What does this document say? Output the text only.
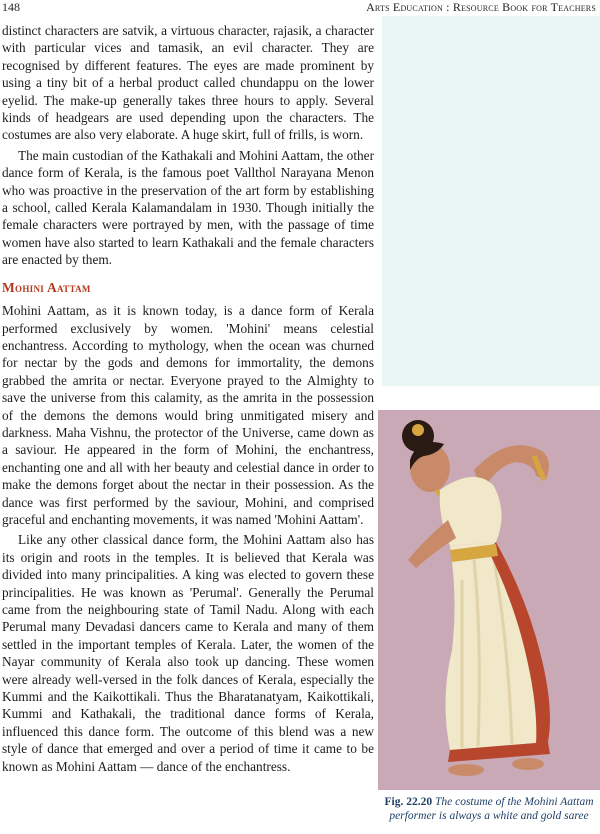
148	Arts Education : Resource Book for Teachers

distinct characters are satvik, a virtuous character, rajasik, a character with particular vices and tamasik, an evil character. They are recognised by different features. The eyes are made prominent by using a tiny bit of a herbal product called chundappu on the lower eyelid. The make-up generally takes three hours to apply. Several kinds of headgears are used depending upon the characters. The costumes are also very elaborate. A huge skirt, full of frills, is worn.

The main custodian of the Kathakali and Mohini Aattam, the other dance form of Kerala, is the famous poet Vallthol Narayana Menon who was proactive in the preservation of the art form by establishing a school, called Kerala Kalamandalam in 1930. Though initially the female characters were portrayed by men, with the passage of time women have also started to learn Kathakali and the female characters are enacted by them.

Mohini Aattam

Mohini Aattam, as it is known today, is a dance form of Kerala performed exclusively by women. 'Mohini' means celestial enchantress. According to mythology, when the ocean was churned for nectar by the gods and demons for immortality, the demons grabbed the amrita or nectar. Everyone prayed to the Almighty to save the universe from this calamity, as the amrita in the possession of the demons the demons would bring unmitigated misery and darkness. Maha Vishnu, the protector of the Universe, came down as a saviour. He appeared in the form of Mohini, the enchantress, enchanting one and all with her beauty and celestial dance in order to make the demons forget about the nectar in their possession. As the dance was first performed by the saviour, Mohini, and comprised graceful and enchanting movements, it was named 'Mohini Aattam'.

Like any other classical dance form, the Mohini Aattam also has its origin and roots in the temples. It is believed that Kerala was divided into many principalities. A king was elected to govern these principalities. He was known as 'Perumal'. Generally the Perumal came from the neighbouring state of Tamil Nadu. Along with each Perumal many Devadasi dancers came to Kerala and many of them settled in the important temples of Kerala. Later, the women of the Nayar community of Kerala also took up dancing. These women were already well-versed in the folk dances of Kerala, especially the Kummi and the Kaikottikali. Thus the Bharatanatyam, Kaikottikali, Kummi and Kathakali, the traditional dance forms of Kerala, influenced this dance form. The outcome of this blend was a new style of dance that emerged and over a period of time it came to be known as Mohini Aattam — dance of the enchantress.

Fig. 22.20 The costume of the Mohini Aattam performer is always a white and gold saree
